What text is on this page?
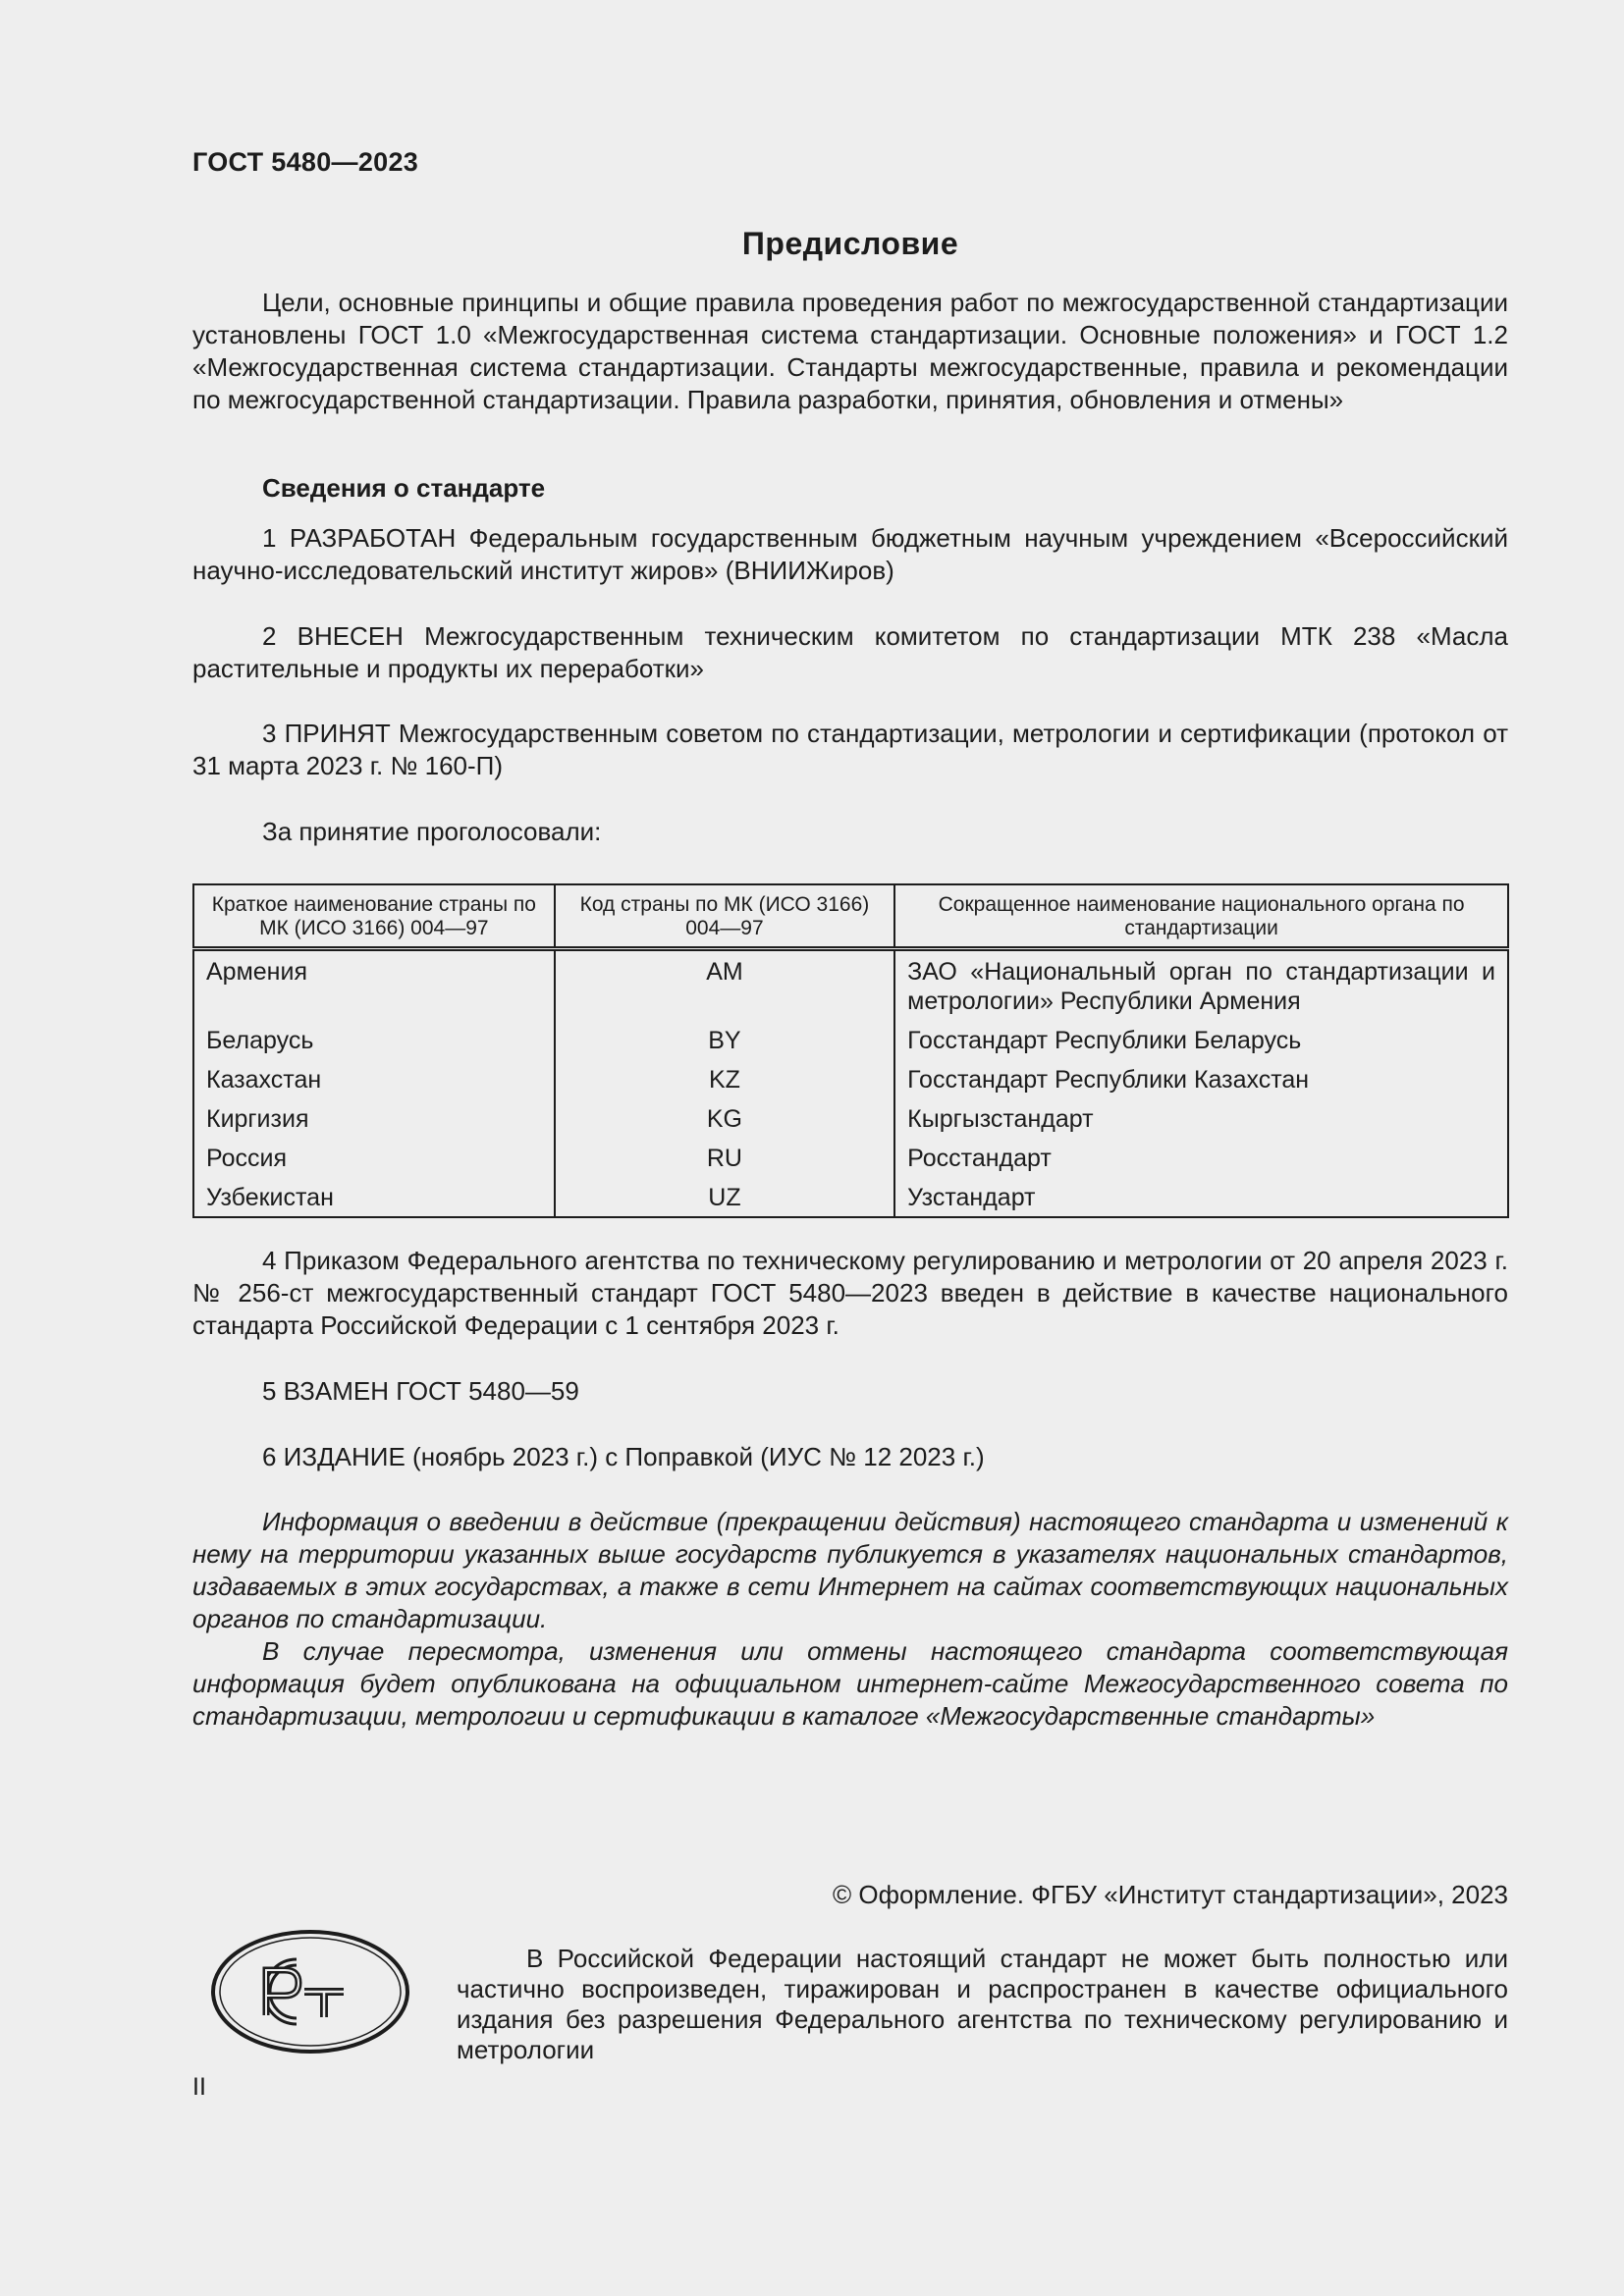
ГОСТ 5480—2023
Предисловие
Цели, основные принципы и общие правила проведения работ по межгосударственной стандартизации установлены ГОСТ 1.0 «Межгосударственная система стандартизации. Основные положения» и ГОСТ 1.2 «Межгосударственная система стандартизации. Стандарты межгосударственные, правила и рекомендации по межгосударственной стандартизации. Правила разработки, принятия, обновления и отмены»
Сведения о стандарте
1 РАЗРАБОТАН Федеральным государственным бюджетным научным учреждением «Всероссийский научно-исследовательский институт жиров» (ВНИИЖиров)
2 ВНЕСЕН Межгосударственным техническим комитетом по стандартизации МТК 238 «Масла растительные и продукты их переработки»
3 ПРИНЯТ Межгосударственным советом по стандартизации, метрологии и сертификации (протокол от 31 марта 2023 г. № 160-П)
За принятие проголосовали:
Краткое наименование страны по МК (ИСО 3166) 004—97	Код страны по МК (ИСО 3166) 004—97	Сокращенное наименование национального органа по стандартизации
Армения	AM	ЗАО «Национальный орган по стандартизации и метрологии» Республики Армения
Беларусь	BY	Госстандарт Республики Беларусь
Казахстан	KZ	Госстандарт Республики Казахстан
Киргизия	KG	Кыргызстандарт
Россия	RU	Росстандарт
Узбекистан	UZ	Узстандарт
4 Приказом Федерального агентства по техническому регулированию и метрологии от 20 апреля 2023 г. № 256-ст межгосударственный стандарт ГОСТ 5480—2023 введен в действие в качестве национального стандарта Российской Федерации с 1 сентября 2023 г.
5 ВЗАМЕН ГОСТ 5480—59
6 ИЗДАНИЕ (ноябрь 2023 г.) с Поправкой (ИУС № 12 2023 г.)
Информация о введении в действие (прекращении действия) настоящего стандарта и изменений к нему на территории указанных выше государств публикуется в указателях национальных стандартов, издаваемых в этих государствах, а также в сети Интернет на сайтах соответствующих национальных органов по стандартизации.
В случае пересмотра, изменения или отмены настоящего стандарта соответствующая информация будет опубликована на официальном интернет-сайте Межгосударственного совета по стандартизации, метрологии и сертификации в каталоге «Межгосударственные стандарты»
© Оформление. ФГБУ «Институт стандартизации», 2023
В Российской Федерации настоящий стандарт не может быть полностью или частично воспроизведен, тиражирован и распространен в качестве официального издания без разрешения Федерального агентства по техническому регулированию и метрологии
II
